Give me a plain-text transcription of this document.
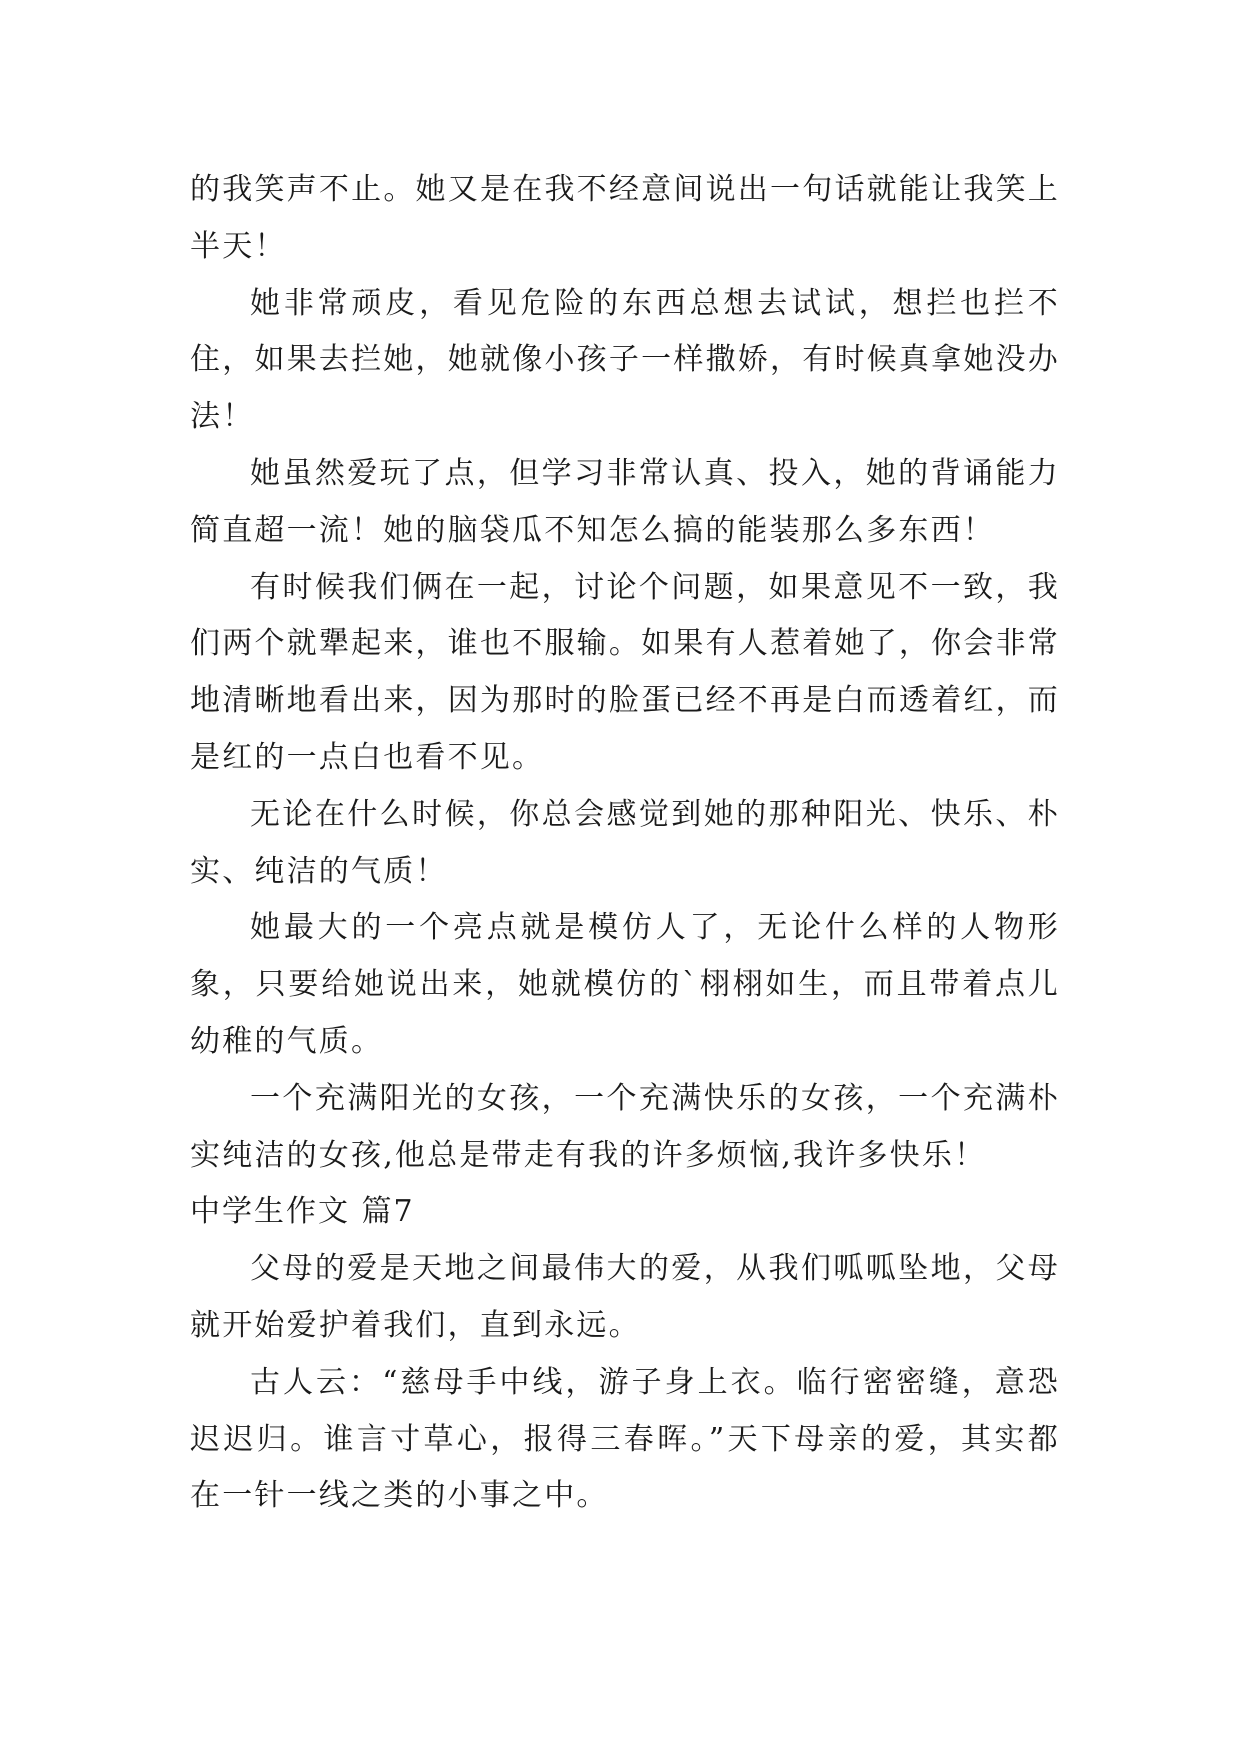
的我笑声不止。她又是在我不经意间说出一句话就能让我笑上半天！

她非常顽皮，看见危险的东西总想去试试，想拦也拦不住，如果去拦她，她就像小孩子一样撒娇，有时候真拿她没办法！

她虽然爱玩了点，但学习非常认真、投入，她的背诵能力简直超一流！她的脑袋瓜不知怎么搞的能装那么多东西！

有时候我们俩在一起，讨论个问题，如果意见不一致，我们两个就犟起来，谁也不服输。如果有人惹着她了，你会非常地清晰地看出来，因为那时的脸蛋已经不再是白而透着红，而是红的一点白也看不见。

无论在什么时候，你总会感觉到她的那种阳光、快乐、朴实、纯洁的气质！

她最大的一个亮点就是模仿人了，无论什么样的人物形象，只要给她说出来，她就模仿的`栩栩如生，而且带着点儿幼稚的气质。

一个充满阳光的女孩，一个充满快乐的女孩，一个充满朴实纯洁的女孩,他总是带走有我的许多烦恼,我许多快乐！

中学生作文 篇7

父母的爱是天地之间最伟大的爱，从我们呱呱坠地，父母就开始爱护着我们，直到永远。

古人云：“慈母手中线，游子身上衣。临行密密缝，意恐迟迟归。谁言寸草心，报得三春晖。”天下母亲的爱，其实都在一针一线之类的小事之中。
